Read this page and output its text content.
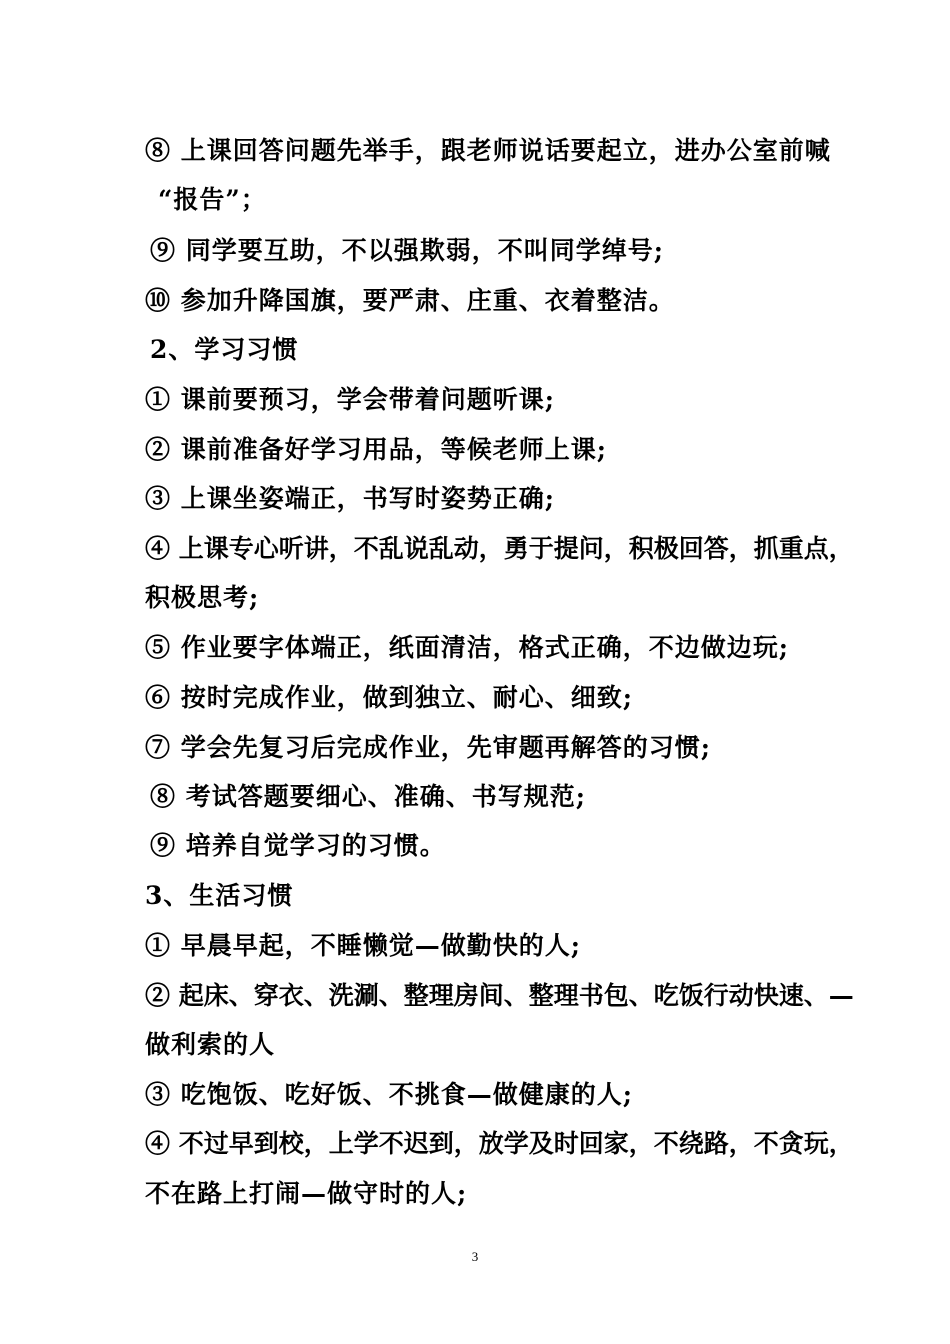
⑧ 上课回答问题先举手，跟老师说话要起立，进办公室前喊
“报告”；
⑨ 同学要互助，不以强欺弱，不叫同学绰号;
⑩ 参加升降国旗，要严肃、庄重、衣着整洁。
2、学习习惯
① 课前要预习，学会带着问题听课;
② 课前准备好学习用品，等候老师上课;
③ 上课坐姿端正，书写时姿势正确;
④ 上课专心听讲，不乱说乱动，勇于提问，积极回答，抓重点，
积极思考;
⑤ 作业要字体端正，纸面清洁，格式正确，不边做边玩;
⑥ 按时完成作业，做到独立、耐心、细致;
⑦ 学会先复习后完成作业，先审题再解答的习惯;
⑧ 考试答题要细心、准确、书写规范;
⑨ 培养自觉学习的习惯。
3、生活习惯
① 早晨早起，不睡懒觉—做勤快的人;
② 起床、穿衣、洗涮、整理房间、整理书包、吃饭行动快速、—
做利索的人
③ 吃饱饭、吃好饭、不挑食—做健康的人;
④ 不过早到校，上学不迟到，放学及时回家，不绕路，不贪玩，
不在路上打闹—做守时的人;
3
